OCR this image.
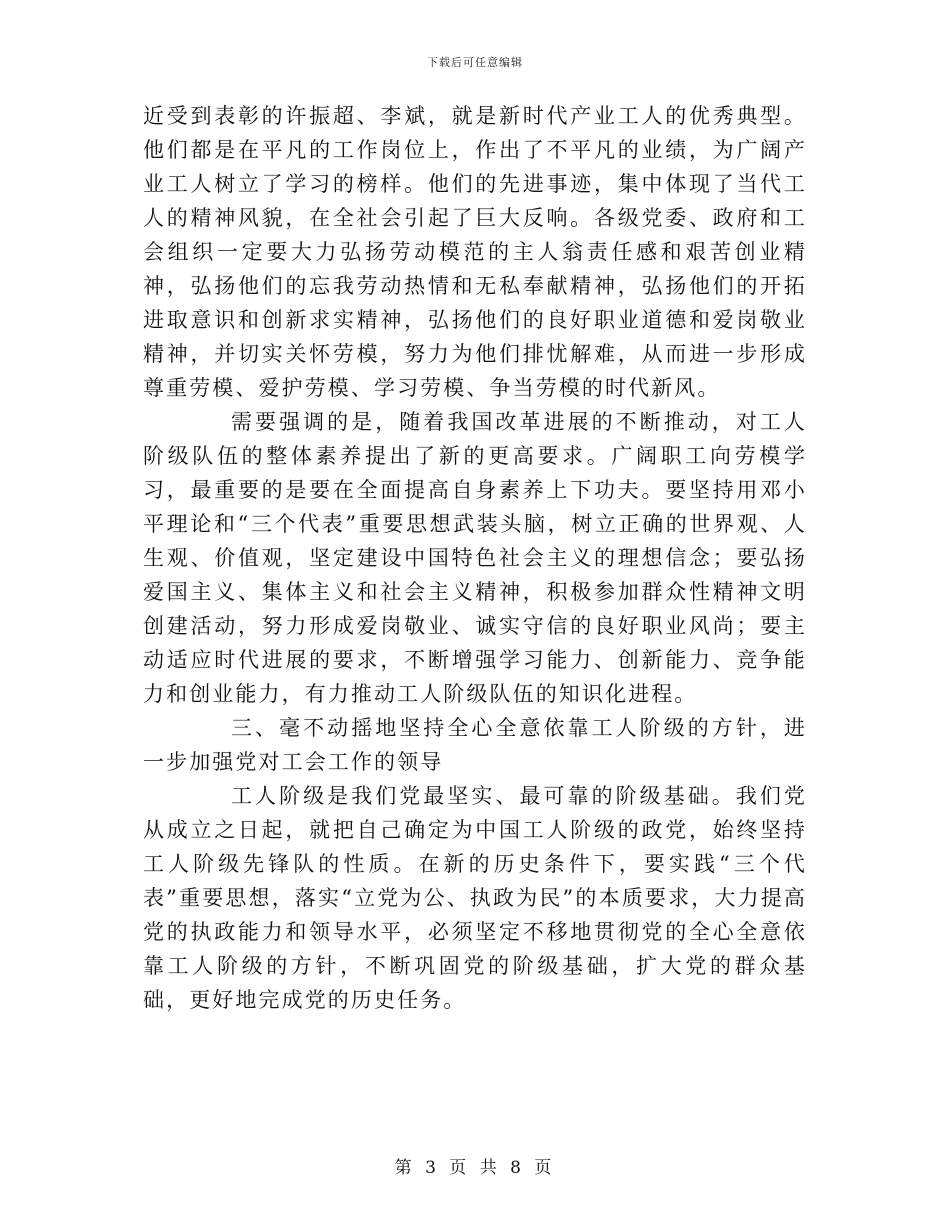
下载后可任意编辑

近受到表彰的许振超、李斌，就是新时代产业工人的优秀典型。他们都是在平凡的工作岗位上，作出了不平凡的业绩，为广阔产业工人树立了学习的榜样。他们的先进事迹，集中体现了当代工人的精神风貌，在全社会引起了巨大反响。各级党委、政府和工会组织一定要大力弘扬劳动模范的主人翁责任感和艰苦创业精神，弘扬他们的忘我劳动热情和无私奉献精神，弘扬他们的开拓进取意识和创新求实精神，弘扬他们的良好职业道德和爱岗敬业精神，并切实关怀劳模，努力为他们排忧解难，从而进一步形成尊重劳模、爱护劳模、学习劳模、争当劳模的时代新风。

需要强调的是，随着我国改革进展的不断推动，对工人阶级队伍的整体素养提出了新的更高要求。广阔职工向劳模学习，最重要的是要在全面提高自身素养上下功夫。要坚持用邓小平理论和“三个代表”重要思想武装头脑，树立正确的世界观、人生观、价值观，坚定建设中国特色社会主义的理想信念；要弘扬爱国主义、集体主义和社会主义精神，积极参加群众性精神文明创建活动，努力形成爱岗敬业、诚实守信的良好职业风尚；要主动适应时代进展的要求，不断增强学习能力、创新能力、竞争能力和创业能力，有力推动工人阶级队伍的知识化进程。

三、毫不动摇地坚持全心全意依靠工人阶级的方针，进一步加强党对工会工作的领导

工人阶级是我们党最坚实、最可靠的阶级基础。我们党从成立之日起，就把自己确定为中国工人阶级的政党，始终坚持工人阶级先锋队的性质。在新的历史条件下，要实践“三个代表”重要思想，落实“立党为公、执政为民”的本质要求，大力提高党的执政能力和领导水平，必须坚定不移地贯彻党的全心全意依靠工人阶级的方针，不断巩固党的阶级基础，扩大党的群众基础，更好地完成党的历史任务。

第 3 页 共 8 页
